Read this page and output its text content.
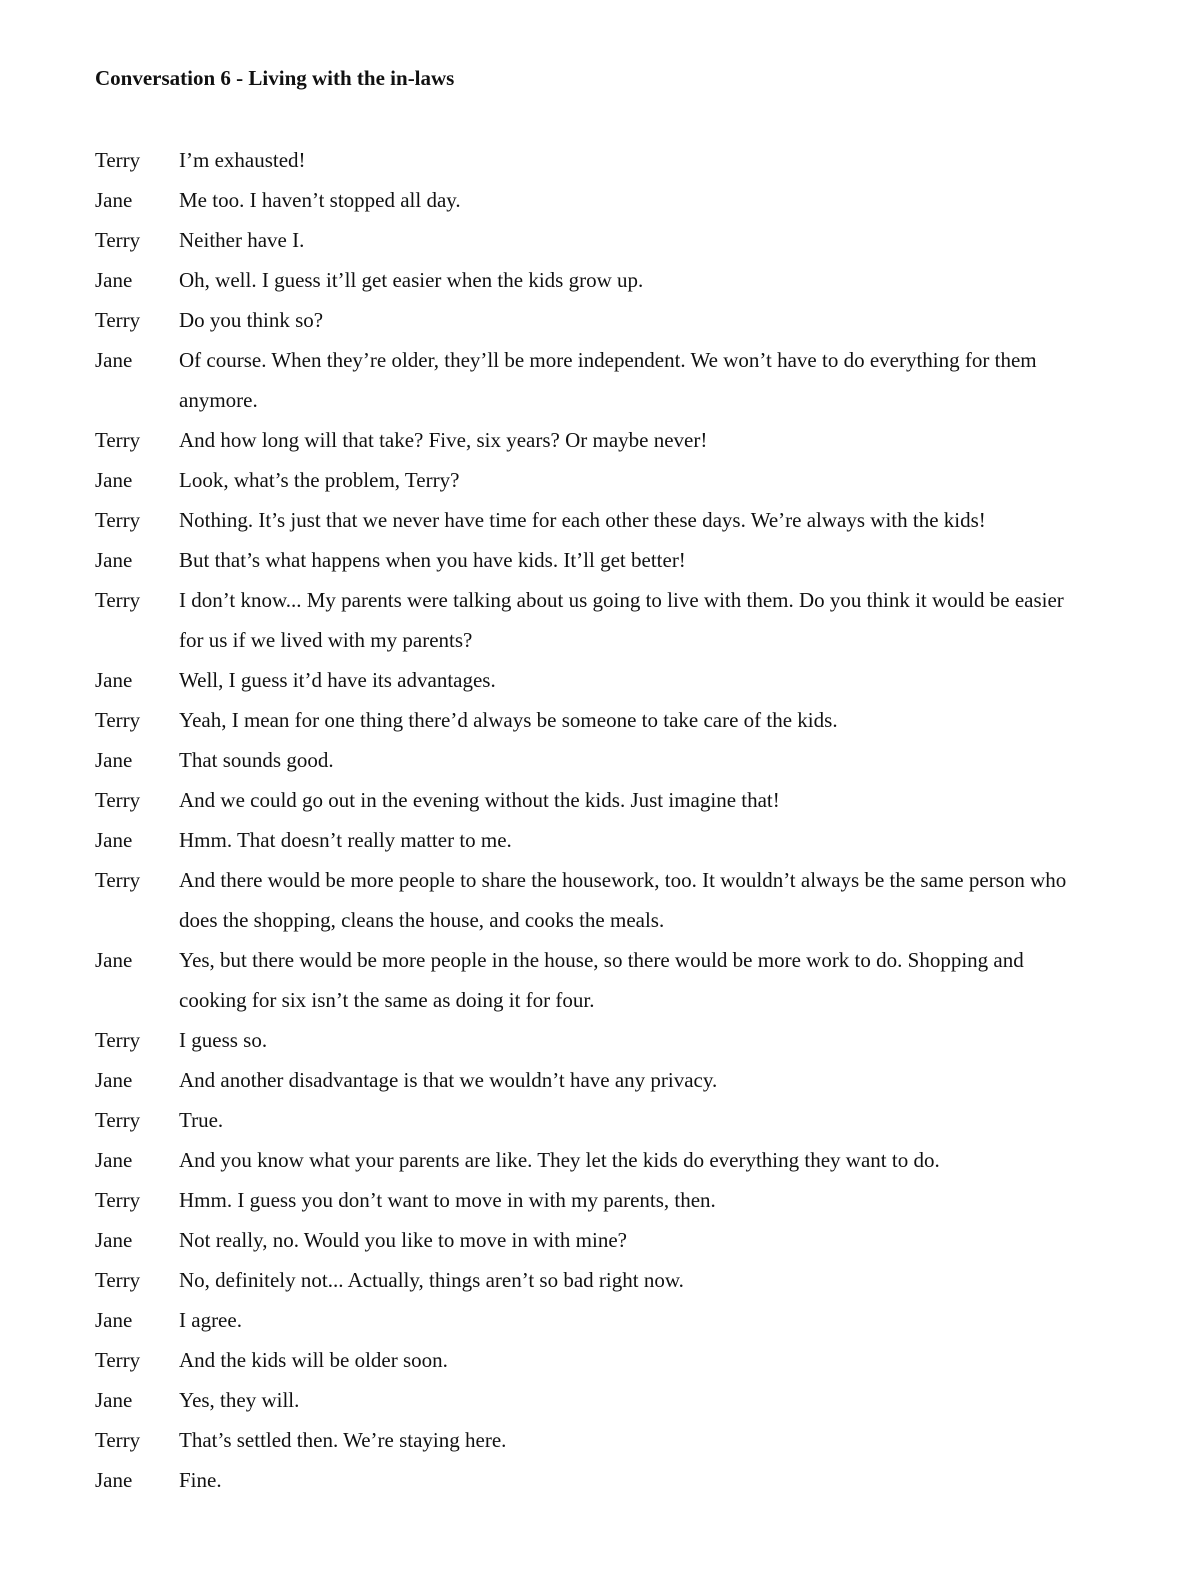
Conversation 6 - Living with the in-laws
Terry	I’m exhausted!
Jane	Me too. I haven’t stopped all day.
Terry	Neither have I.
Jane	Oh, well. I guess it’ll get easier when the kids grow up.
Terry	Do you think so?
Jane	Of course. When they’re older, they’ll be more independent. We won’t have to do everything for them anymore.
Terry	And how long will that take? Five, six years? Or maybe never!
Jane	Look, what’s the problem, Terry?
Terry	Nothing. It’s just that we never have time for each other these days. We’re always with the kids!
Jane	But that’s what happens when you have kids. It’ll get better!
Terry	I don’t know... My parents were talking about us going to live with them. Do you think it would be easier for us if we lived with my parents?
Jane	Well, I guess it’d have its advantages.
Terry	Yeah, I mean for one thing there’d always be someone to take care of the kids.
Jane	That sounds good.
Terry	And we could go out in the evening without the kids. Just imagine that!
Jane	Hmm. That doesn’t really matter to me.
Terry	And there would be more people to share the housework, too. It wouldn’t always be the same person who does the shopping, cleans the house, and cooks the meals.
Jane	Yes, but there would be more people in the house, so there would be more work to do. Shopping and cooking for six isn’t the same as doing it for four.
Terry	I guess so.
Jane	And another disadvantage is that we wouldn’t have any privacy.
Terry	True.
Jane	And you know what your parents are like. They let the kids do everything they want to do.
Terry	Hmm. I guess you don’t want to move in with my parents, then.
Jane	Not really, no. Would you like to move in with mine?
Terry	No, definitely not... Actually, things aren’t so bad right now.
Jane	I agree.
Terry	And the kids will be older soon.
Jane	Yes, they will.
Terry	That’s settled then. We’re staying here.
Jane	Fine.
